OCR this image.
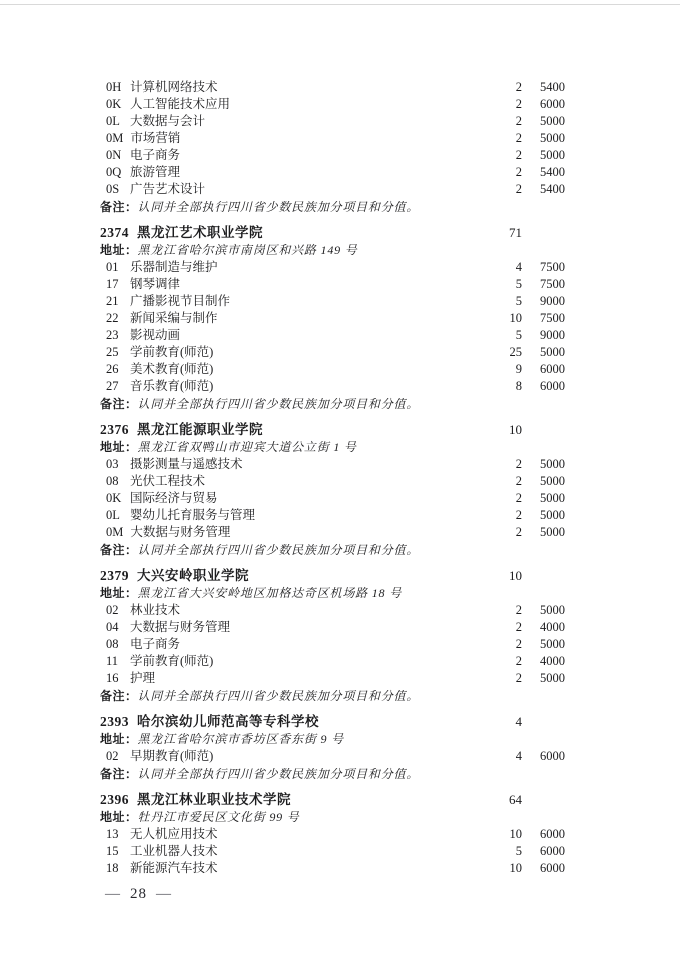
0H 计算机网络技术	2	5400
0K 人工智能技术应用	2	6000
0L 大数据与会计	2	5000
0M 市场营销	2	5000
0N 电子商务	2	5000
0Q 旅游管理	2	5400
0S 广告艺术设计	2	5400
备注：认同并全部执行四川省少数民族加分项目和分值。
2374 黑龙江艺术职业学院	71
地址：黑龙江省哈尔滨市南岗区和兴路 149 号
01 乐器制造与维护	4	7500
17 钢琴调律	5	7500
21 广播影视节目制作	5	9000
22 新闻采编与制作	10	7500
23 影视动画	5	9000
25 学前教育(师范)	25	5000
26 美术教育(师范)	9	6000
27 音乐教育(师范)	8	6000
备注：认同并全部执行四川省少数民族加分项目和分值。
2376 黑龙江能源职业学院	10
地址：黑龙江省双鸭山市迎宾大道公立街 1 号
03 摄影测量与遥感技术	2	5000
08 光伏工程技术	2	5000
0K 国际经济与贸易	2	5000
0L 婴幼儿托育服务与管理	2	5000
0M 大数据与财务管理	2	5000
备注：认同并全部执行四川省少数民族加分项目和分值。
2379 大兴安岭职业学院	10
地址：黑龙江省大兴安岭地区加格达奇区机场路 18 号
02 林业技术	2	5000
04 大数据与财务管理	2	4000
08 电子商务	2	5000
11 学前教育(师范)	2	4000
16 护理	2	5000
备注：认同并全部执行四川省少数民族加分项目和分值。
2393 哈尔滨幼儿师范高等专科学校	4
地址：黑龙江省哈尔滨市香坊区香东街 9 号
02 早期教育(师范)	4	6000
备注：认同并全部执行四川省少数民族加分项目和分值。
2396 黑龙江林业职业技术学院	64
地址：牡丹江市爱民区文化街 99 号
13 无人机应用技术	10	6000
15 工业机器人技术	5	6000
18 新能源汽车技术	10	6000
— 28 —
